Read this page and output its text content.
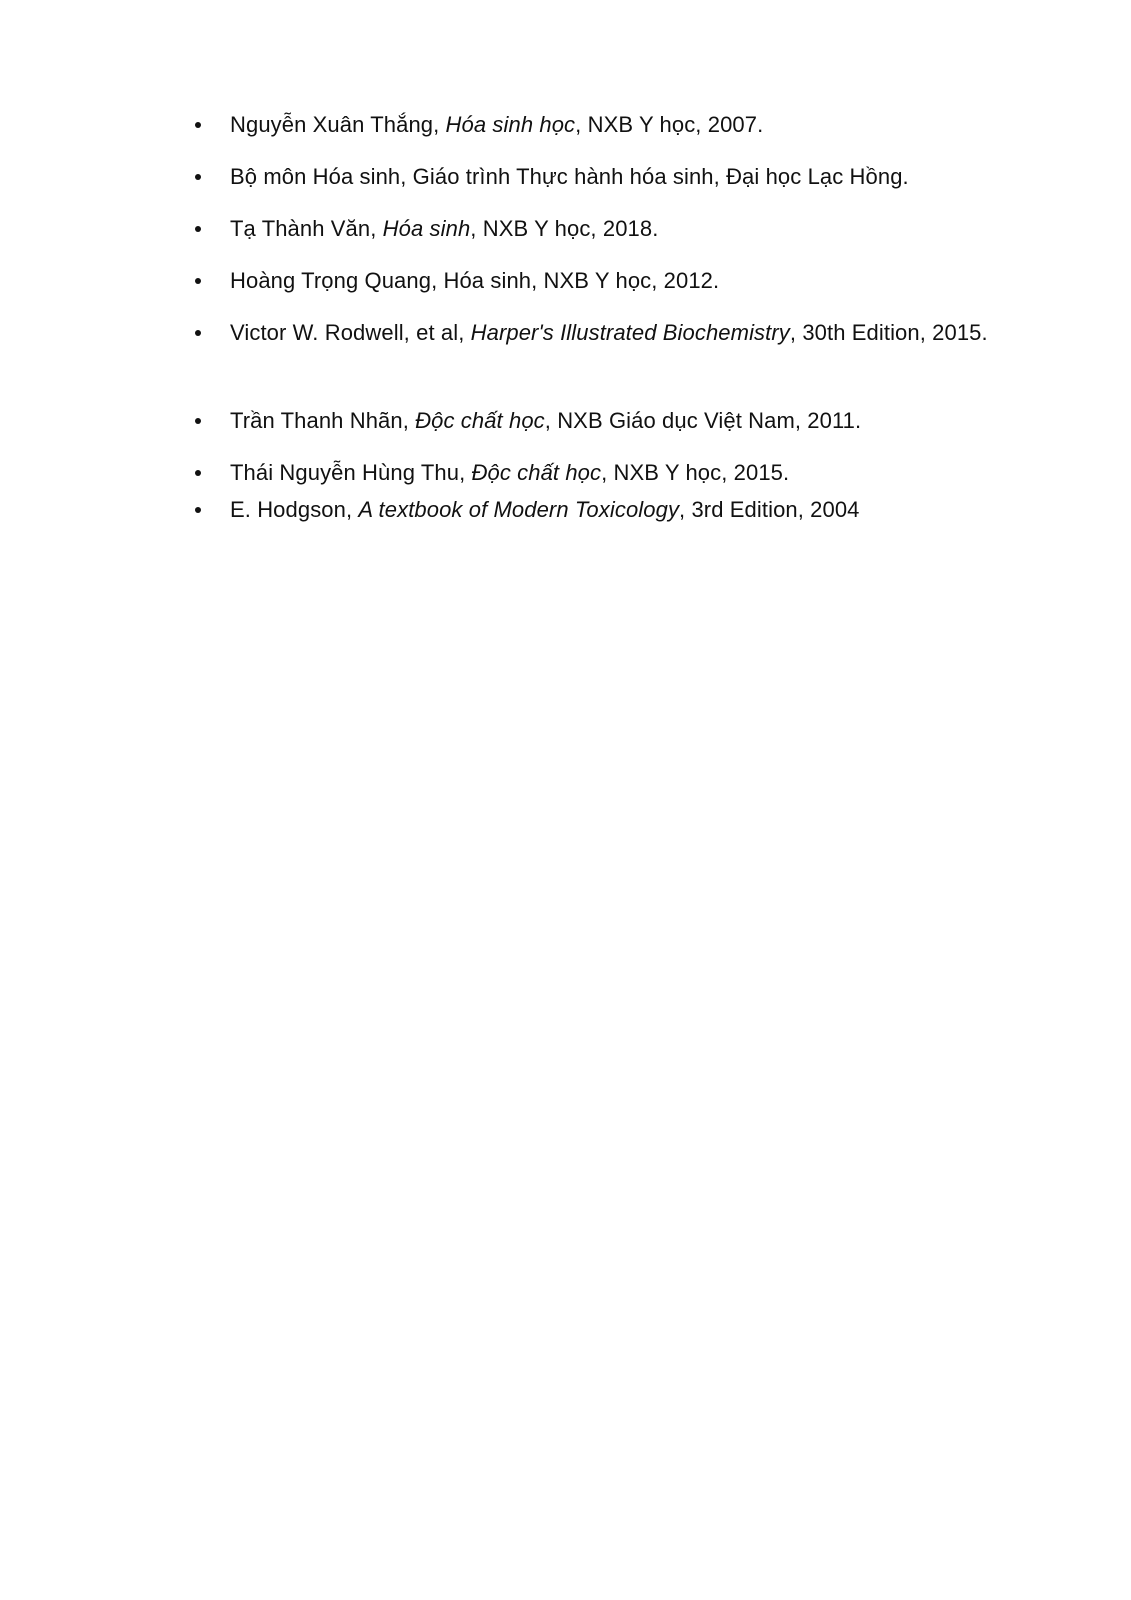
Nguyễn Xuân Thắng, Hóa sinh học, NXB Y học, 2007.
Bộ môn Hóa sinh, Giáo trình Thực hành hóa sinh, Đại học Lạc Hồng.
Tạ Thành Văn, Hóa sinh, NXB Y học, 2018.
Hoàng Trọng Quang, Hóa sinh, NXB Y học, 2012.
Victor W. Rodwell, et al, Harper's Illustrated Biochemistry, 30th Edition, 2015.
Trần Thanh Nhãn, Độc chất học, NXB Giáo dục Việt Nam, 2011.
Thái Nguyễn Hùng Thu, Độc chất học, NXB Y học, 2015.
E. Hodgson, A textbook of Modern Toxicology, 3rd Edition, 2004
